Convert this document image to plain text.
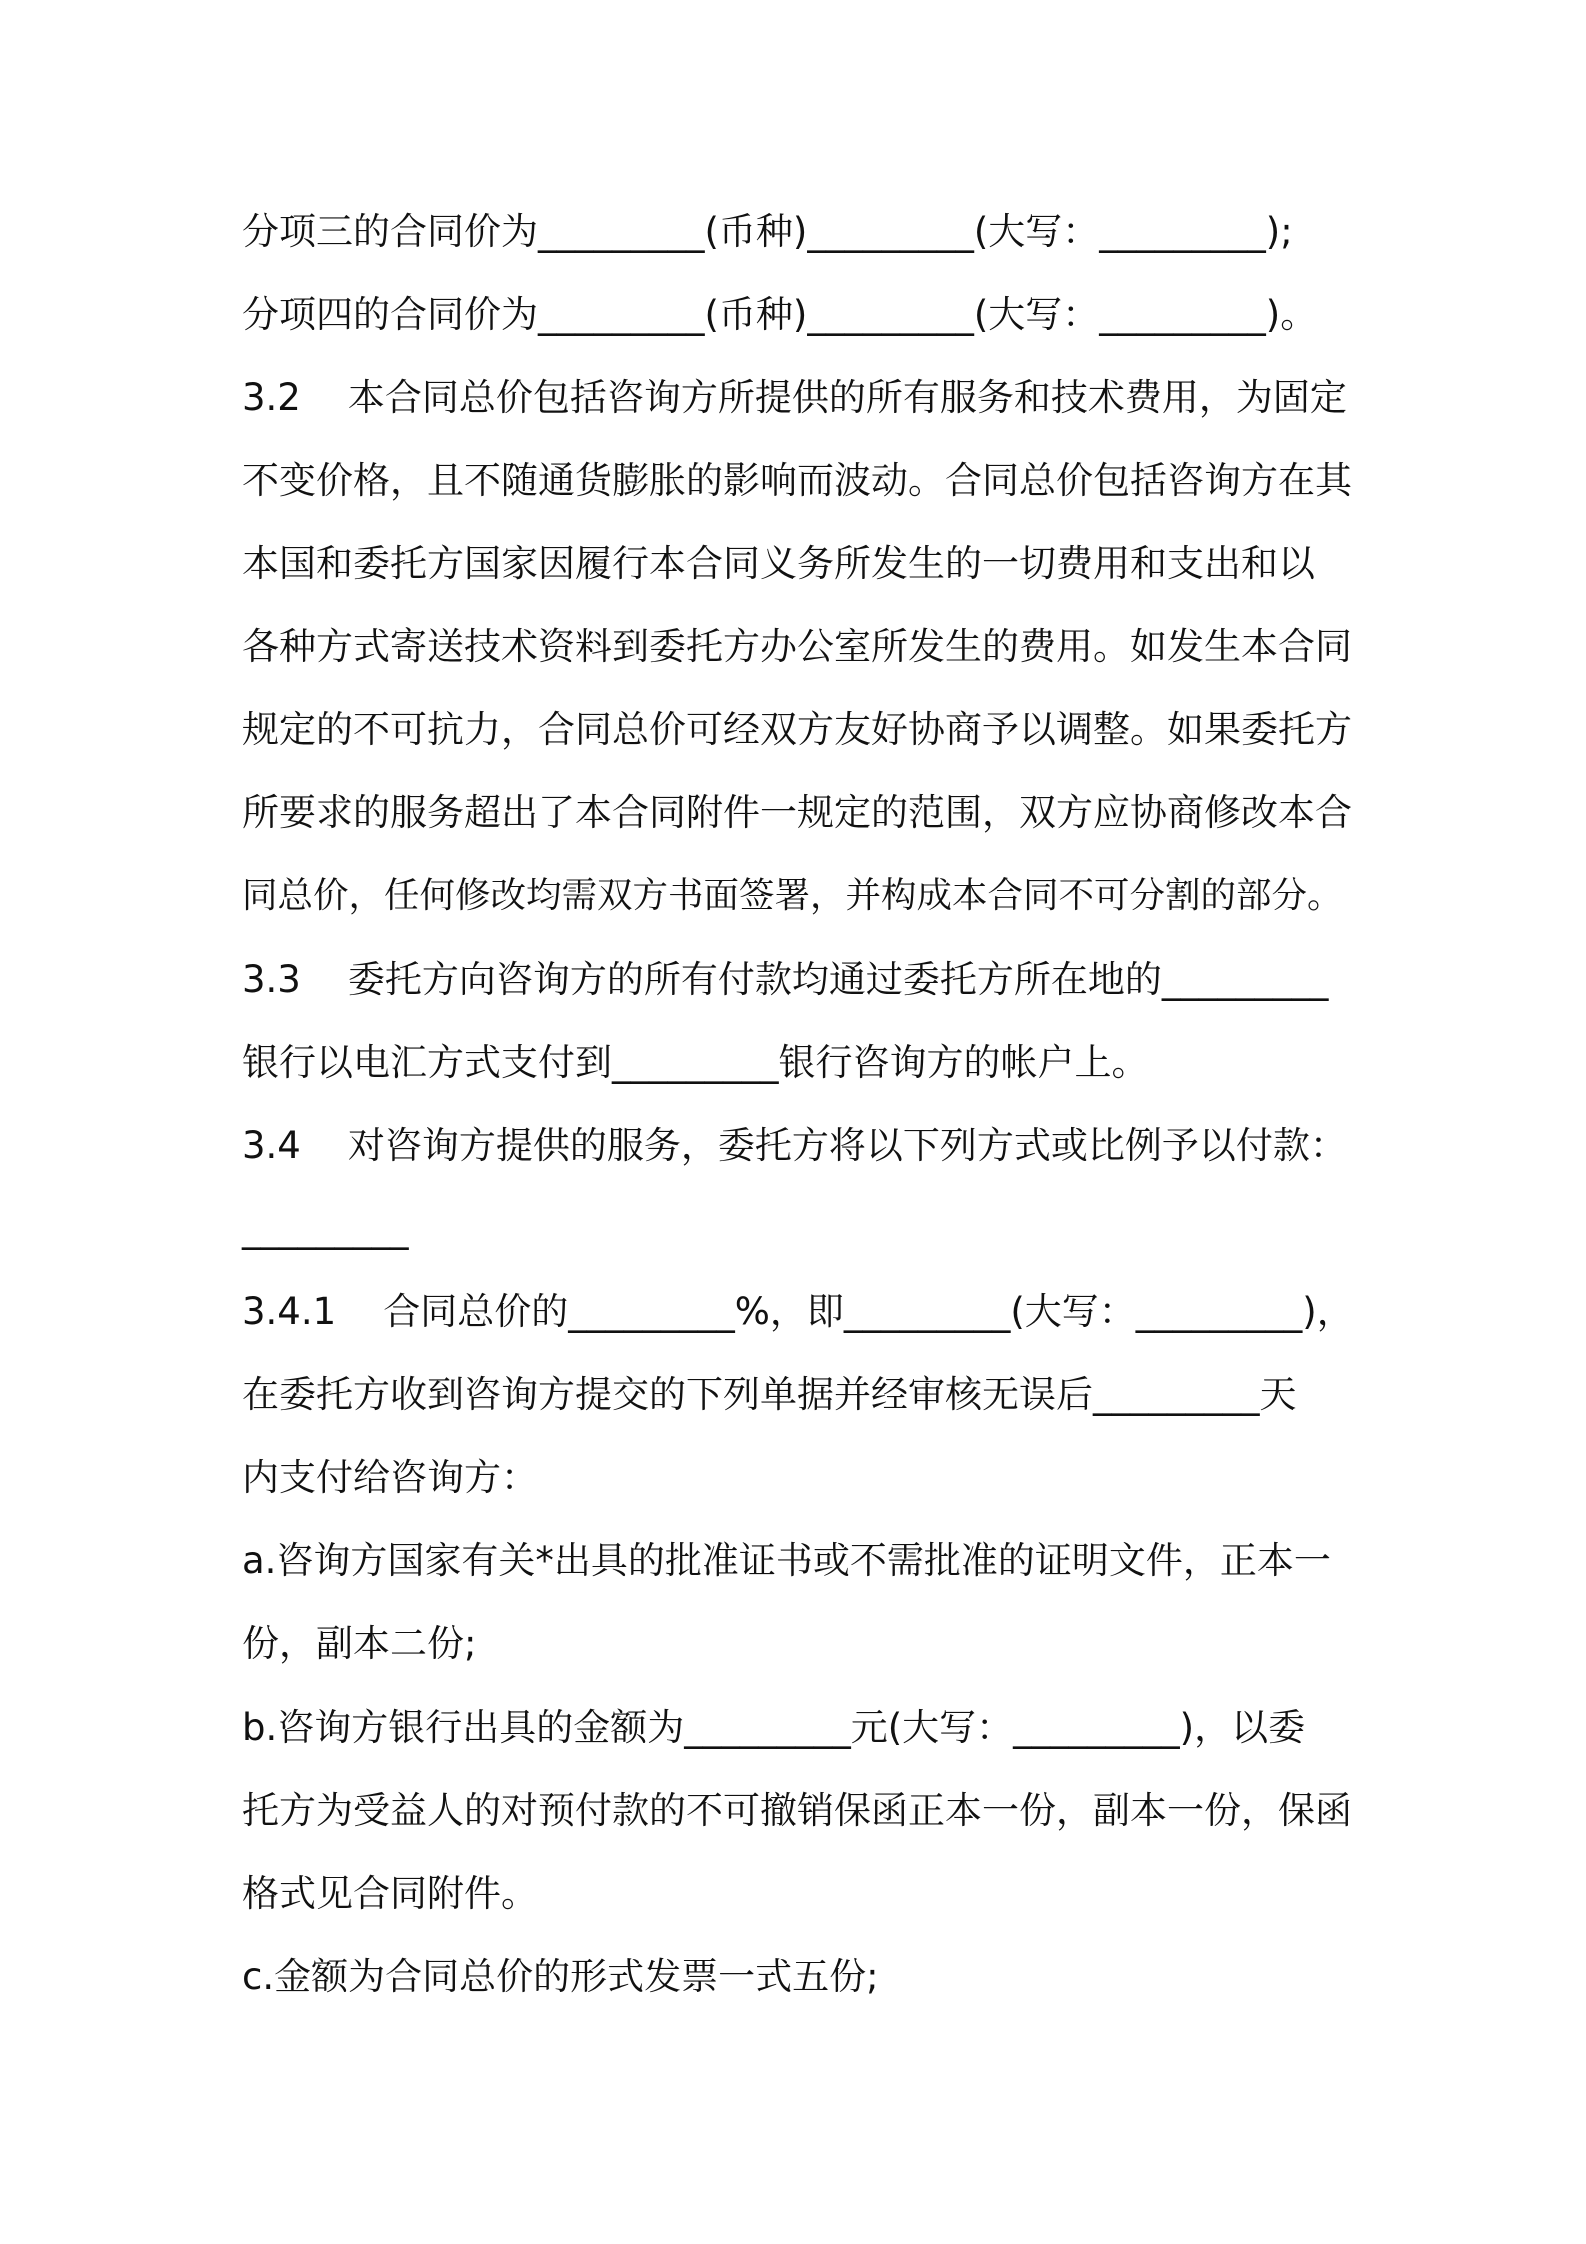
分项三的合同价为_________(币种)_________(大写：_________);
分项四的合同价为_________(币种)_________(大写：_________)。
3.2    本合同总价包括咨询方所提供的所有服务和技术费用，为固定
不变价格，且不随通货膨胀的影响而波动。合同总价包括咨询方在其
本国和委托方国家因履行本合同义务所发生的一切费用和支出和以
各种方式寄送技术资料到委托方办公室所发生的费用。如发生本合同
规定的不可抗力，合同总价可经双方友好协商予以调整。如果委托方
所要求的服务超出了本合同附件一规定的范围，双方应协商修改本合
同总价，任何修改均需双方书面签署，并构成本合同不可分割的部分。
3.3    委托方向咨询方的所有付款均通过委托方所在地的_________
银行以电汇方式支付到_________银行咨询方的帐户上。
3.4    对咨询方提供的服务，委托方将以下列方式或比例予以付款：
_________
3.4.1    合同总价的_________%，即_________(大写：_________)，
在委托方收到咨询方提交的下列单据并经审核无误后_________天
内支付给咨询方：
a.咨询方国家有关*出具的批准证书或不需批准的证明文件，正本一
份，副本二份;
b.咨询方银行出具的金额为_________元(大写：_________)，以委
托方为受益人的对预付款的不可撤销保函正本一份，副本一份，保函
格式见合同附件。
c.金额为合同总价的形式发票一式五份;
